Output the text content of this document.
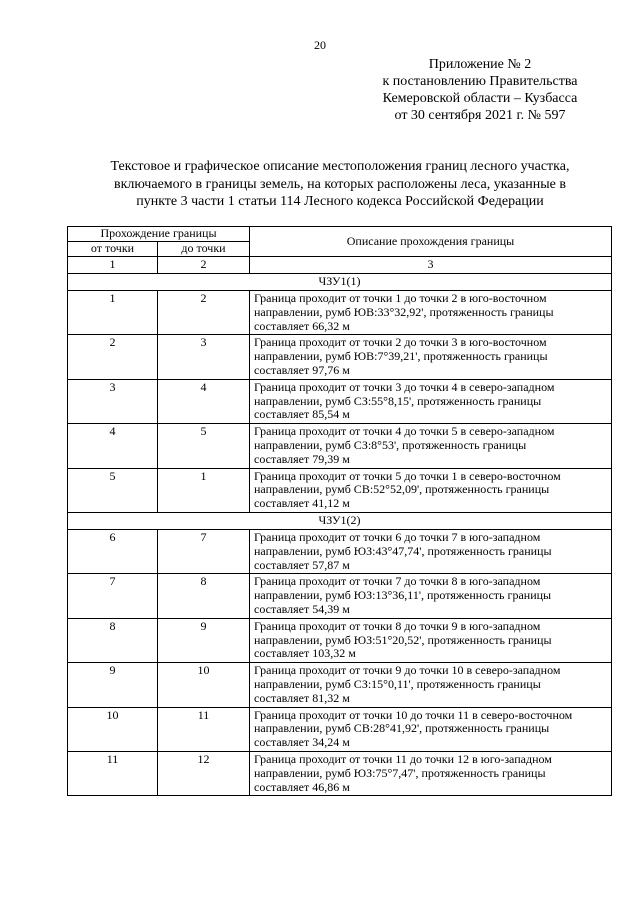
20
Приложение № 2
к постановлению Правительства
Кемеровской области – Кузбасса
от 30 сентября 2021 г. № 597
Текстовое и графическое описание местоположения границ лесного участка,
включаемого в границы земель, на которых расположены леса, указанные в
пункте 3 части 1 статьи 114 Лесного кодекса Российской Федерации
Прохождение границы		Описание прохождения границы
от точки	до точки	
1	2	3
ЧЗУ1(1)		
1	2	Граница проходит от точки 1 до точки 2 в юго-восточном
направлении, румб ЮВ:33°32,92', протяженность границы
составляет 66,32 м

2	3	Граница проходит от точки 2 до точки 3 в юго-восточном
направлении, румб ЮВ:7°39,21', протяженность границы
составляет 97,76 м

3	4	Граница проходит от точки 3 до точки 4 в северо-западном
направлении, румб СЗ:55°8,15', протяженность границы
составляет 85,54 м

4	5	Граница проходит от точки 4 до точки 5 в северо-западном
направлении, румб СЗ:8°53', протяженность границы
составляет 79,39 м

5	1	Граница проходит от точки 5 до точки 1 в северо-восточном
направлении, румб СВ:52°52,09', протяженность границы
составляет 41,12 м

ЧЗУ1(2)		
6	7	Граница проходит от точки 6 до точки 7 в юго-западном
направлении, румб ЮЗ:43°47,74', протяженность границы
составляет 57,87 м

7	8	Граница проходит от точки 7 до точки 8 в юго-западном
направлении, румб ЮЗ:13°36,11', протяженность границы
составляет 54,39 м

8	9	Граница проходит от точки 8 до точки 9 в юго-западном
направлении, румб ЮЗ:51°20,52', протяженность границы
составляет 103,32 м

9	10	Граница проходит от точки 9 до точки 10 в северо-западном
направлении, румб СЗ:15°0,11', протяженность границы
составляет 81,32 м

10	11	Граница проходит от точки 10 до точки 11 в северо-восточном
направлении, румб СВ:28°41,92', протяженность границы
составляет 34,24 м

11	12	Граница проходит от точки 11 до точки 12 в юго-западном
направлении, румб ЮЗ:75°7,47', протяженность границы
составляет 46,86 м
